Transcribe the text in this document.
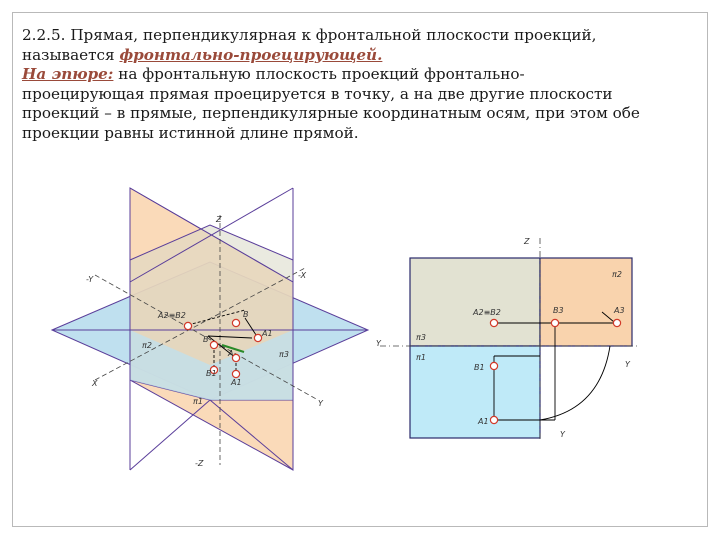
2.2.5. Прямая, перпендикулярная к фронтальной плоскости проекций,
называется фронтально-проецирующей.
На эпюре: на фронтальную плоскость проекций фронтально-
проецирующая прямая проецируется в точку, а на две другие плоскости
проекций – в прямые, перпендикулярные координатным осям, при этом обе
проекции равны истинной длине прямой.
Z
-Y	-X
X
Y
-Z
π1
π2
π3
A2≡B2	B
A1
B
A
B1
A1
Z
π2
A2≡B2	B3	A3
Y
π3
Y
π1
B1
A1
Y
